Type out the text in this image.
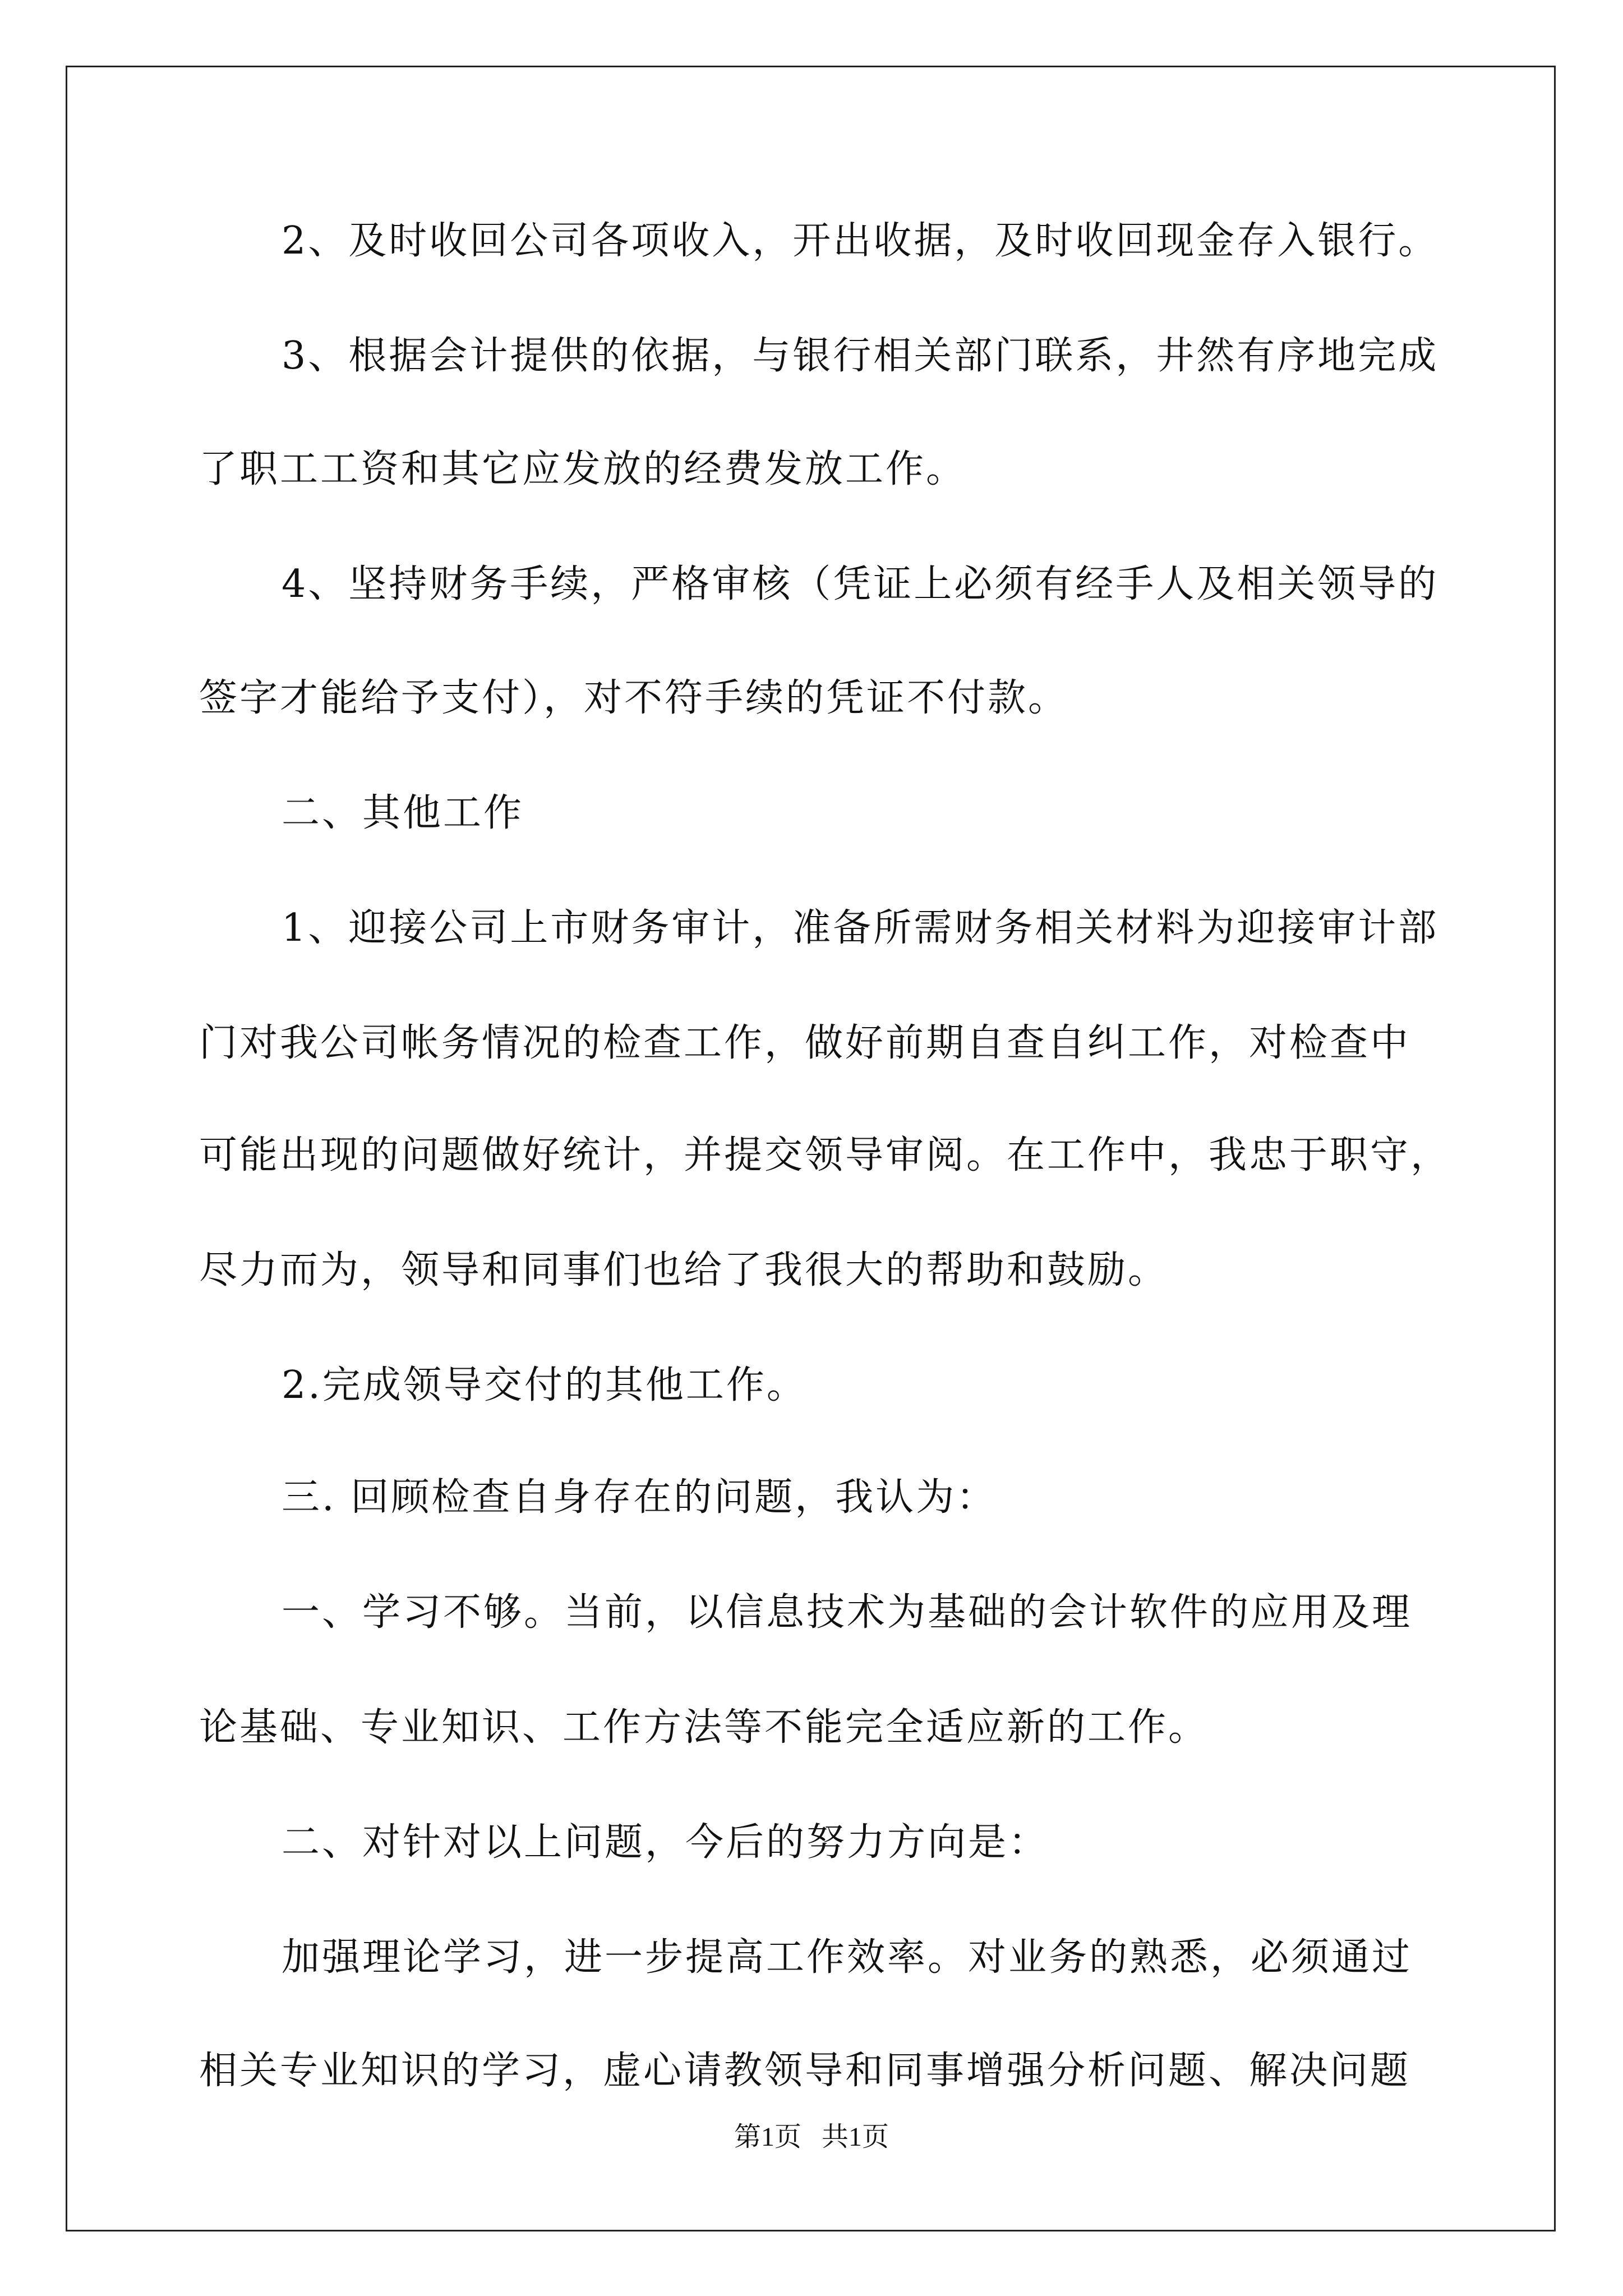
2、及时收回公司各项收入，开出收据，及时收回现金存入银行。
3、根据会计提供的依据，与银行相关部门联系，井然有序地完成
了职工工资和其它应发放的经费发放工作。
4、坚持财务手续，严格审核（凭证上必须有经手人及相关领导的
签字才能给予支付），对不符手续的凭证不付款。
二、其他工作
1、迎接公司上市财务审计，准备所需财务相关材料为迎接审计部
门对我公司帐务情况的检查工作，做好前期自查自纠工作，对检查中
可能出现的问题做好统计，并提交领导审阅。在工作中，我忠于职守，
尽力而为，领导和同事们也给了我很大的帮助和鼓励。
2.完成领导交付的其他工作。
三. 回顾检查自身存在的问题，我认为：
一、学习不够。当前，以信息技术为基础的会计软件的应用及理
论基础、专业知识、工作方法等不能完全适应新的工作。
二、对针对以上问题，今后的努力方向是：
加强理论学习，进一步提高工作效率。对业务的熟悉，必须通过
相关专业知识的学习，虚心请教领导和同事增强分析问题、解决问题
第1页 共1页
